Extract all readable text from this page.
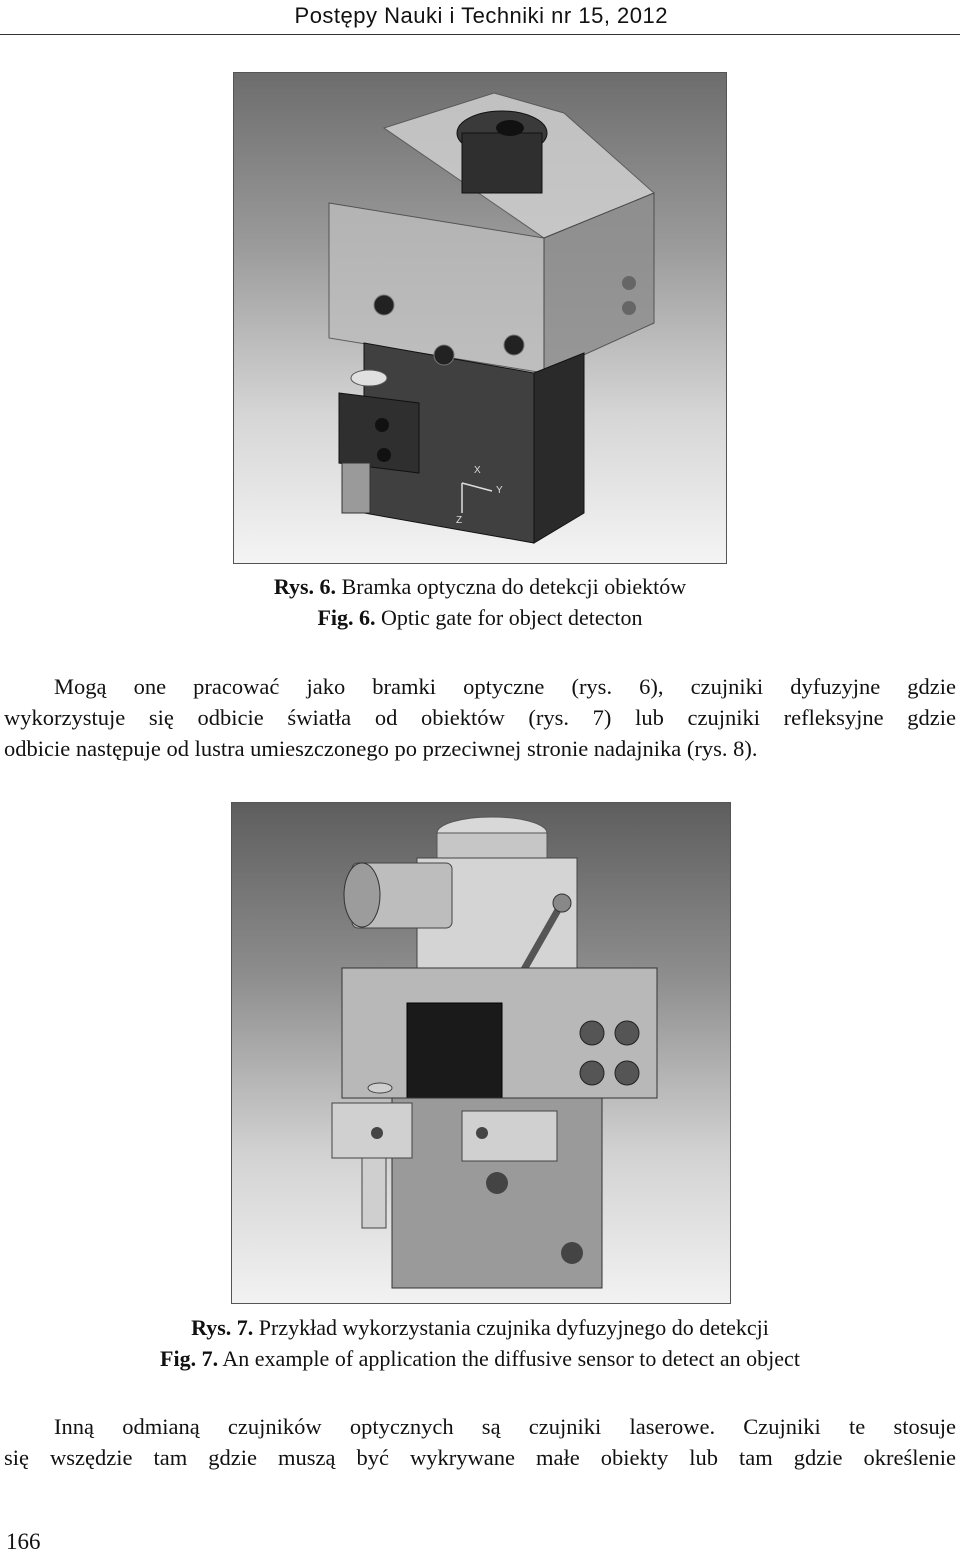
Postępy Nauki i Techniki nr 15, 2012
X
Y
Z
Rys. 6. Bramka optyczna do detekcji obiektów
Fig. 6. Optic gate for object detecton
Mogą one pracować jako bramki optyczne (rys. 6), czujniki dyfuzyjne gdzie
wykorzystuje się odbicie światła od obiektów (rys. 7) lub czujniki refleksyjne gdzie
odbicie następuje od lustra umieszczonego po przeciwnej stronie nadajnika (rys. 8).
Rys. 7. Przykład wykorzystania czujnika dyfuzyjnego do detekcji
Fig. 7. An example of application the diffusive sensor to detect an object
Inną odmianą czujników optycznych są czujniki laserowe. Czujniki te stosuje
się wszędzie tam gdzie muszą być wykrywane małe obiekty lub tam gdzie określenie
166
